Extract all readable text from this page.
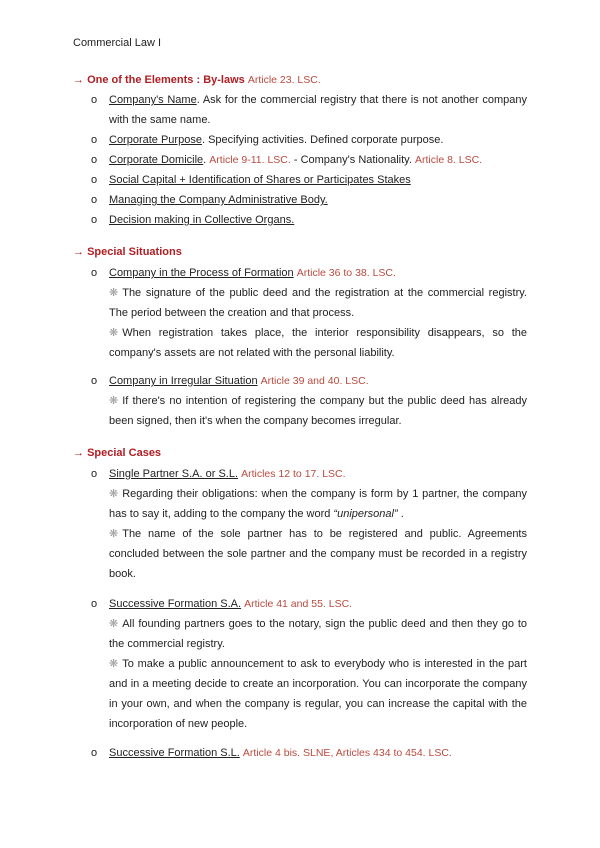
Commercial Law I
→ One of the Elements : By-laws Article 23. LSC.
o Company's Name. Ask for the commercial registry that there is not another company with the same name.
o Corporate Purpose. Specifying activities. Defined corporate purpose.
o Corporate Domicile. Article 9-11. LSC. - Company's Nationality. Article 8. LSC.
o Social Capital + Identification of Shares or Participates Stakes
o Managing the Company Administrative Body.
o Decision making in Collective Organs.
→ Special Situations
o Company in the Process of Formation Article 36 to 38. LSC.
❋ The signature of the public deed and the registration at the commercial registry. The period between the creation and that process.
❋ When registration takes place, the interior responsibility disappears, so the company's assets are not related with the personal liability.
o Company in Irregular Situation Article 39 and 40. LSC.
❋ If there's no intention of registering the company but the public deed has already been signed, then it's when the company becomes irregular.
→ Special Cases
o Single Partner S.A. or S.L. Articles 12 to 17. LSC.
❋ Regarding their obligations: when the company is form by 1 partner, the company has to say it, adding to the company the word “unipersonal” .
❋ The name of the sole partner has to be registered and public. Agreements concluded between the sole partner and the company must be recorded in a registry book.
o Successive Formation S.A. Article 41 and 55. LSC.
❋ All founding partners goes to the notary, sign the public deed and then they go to the commercial registry.
❋ To make a public announcement to ask to everybody who is interested in the part and in a meeting decide to create an incorporation. You can incorporate the company in your own, and when the company is regular, you can increase the capital with the incorporation of new people.
o Successive Formation S.L. Article 4 bis. SLNE, Articles 434 to 454. LSC.
